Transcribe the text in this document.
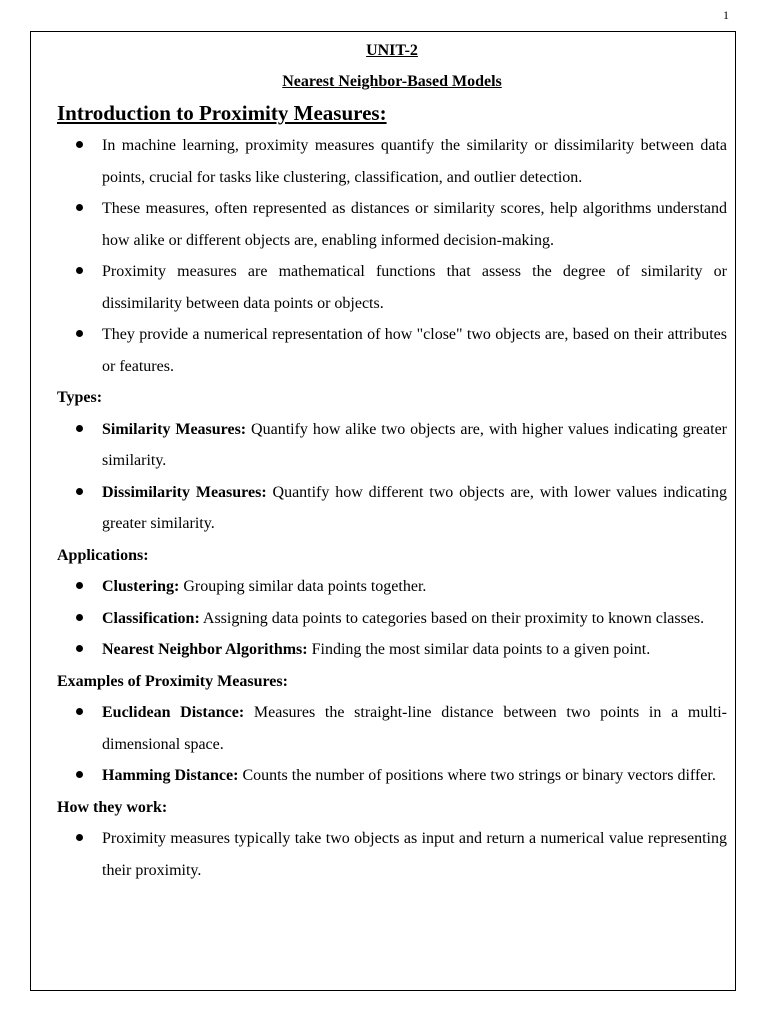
1
UNIT-2
Nearest Neighbor-Based Models
Introduction to Proximity Measures:
In machine learning, proximity measures quantify the similarity or dissimilarity between data points, crucial for tasks like clustering, classification, and outlier detection.
These measures, often represented as distances or similarity scores, help algorithms understand how alike or different objects are, enabling informed decision-making.
Proximity measures are mathematical functions that assess the degree of similarity or dissimilarity between data points or objects.
They provide a numerical representation of how "close" two objects are, based on their attributes or features.
Types:
Similarity Measures: Quantify how alike two objects are, with higher values indicating greater similarity.
Dissimilarity Measures: Quantify how different two objects are, with lower values indicating greater similarity.
Applications:
Clustering: Grouping similar data points together.
Classification: Assigning data points to categories based on their proximity to known classes.
Nearest Neighbor Algorithms: Finding the most similar data points to a given point.
Examples of Proximity Measures:
Euclidean Distance: Measures the straight-line distance between two points in a multi-dimensional space.
Hamming Distance: Counts the number of positions where two strings or binary vectors differ.
How they work:
Proximity measures typically take two objects as input and return a numerical value representing their proximity.
